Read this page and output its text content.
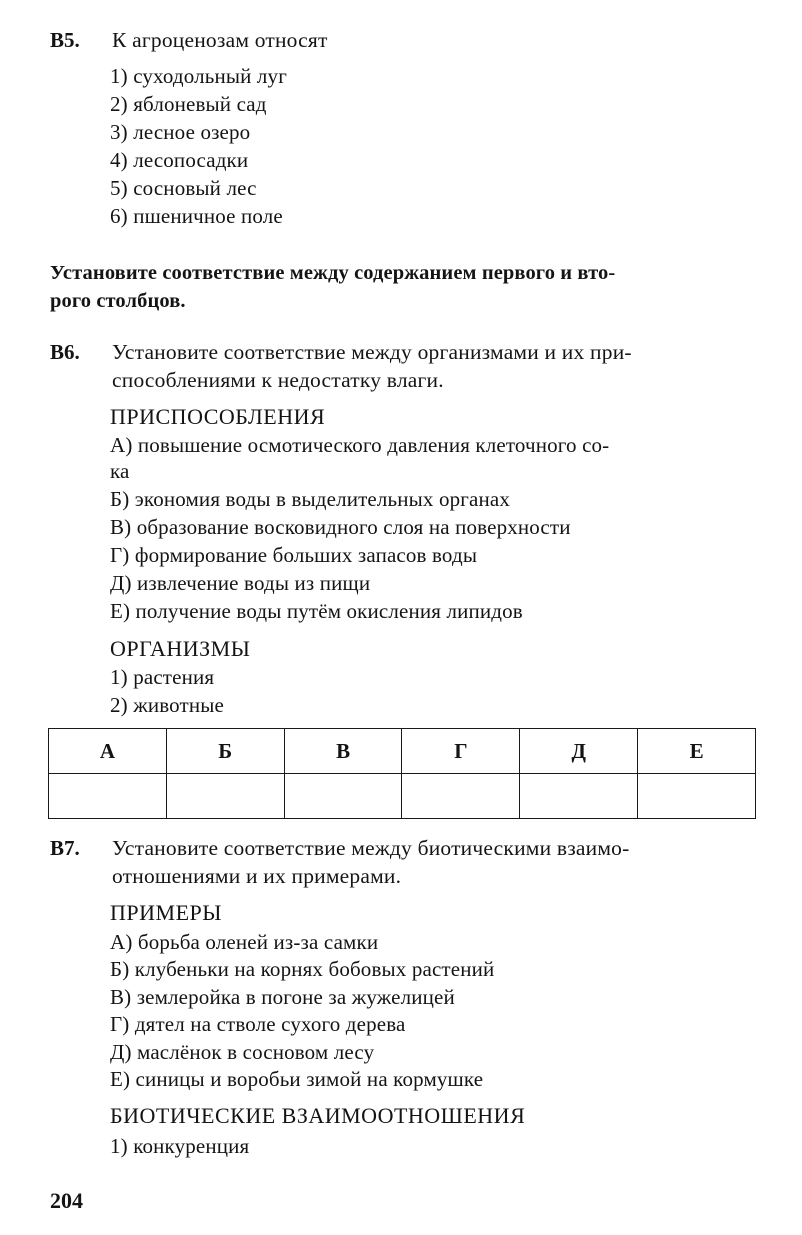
B5. К агроценозам относят
1) суходольный луг
2) яблоневый сад
3) лесное озеро
4) лесопосадки
5) сосновый лес
6) пшеничное поле
Установите соответствие между содержанием первого и вто-
рого столбцов.
B6. Установите соответствие между организмами и их при-
способлениями к недостатку влаги.
ПРИСПОСОБЛЕНИЯ
А) повышение осмотического давления клеточного со-
ка
Б) экономия воды в выделительных органах
В) образование восковидного слоя на поверхности
Г) формирование больших запасов воды
Д) извлечение воды из пищи
Е) получение воды путём окисления липидов
ОРГАНИЗМЫ
1) растения
2) животные
А	Б	В	Г	Д	Е

B7. Установите соответствие между биотическими взаимо-
отношениями и их примерами.
ПРИМЕРЫ
А) борьба оленей из-за самки
Б) клубеньки на корнях бобовых растений
В) землеройка в погоне за жужелицей
Г) дятел на стволе сухого дерева
Д) маслёнок в сосновом лесу
Е) синицы и воробьи зимой на кормушке
БИОТИЧЕСКИЕ ВЗАИМООТНОШЕНИЯ
1) конкуренция
204
